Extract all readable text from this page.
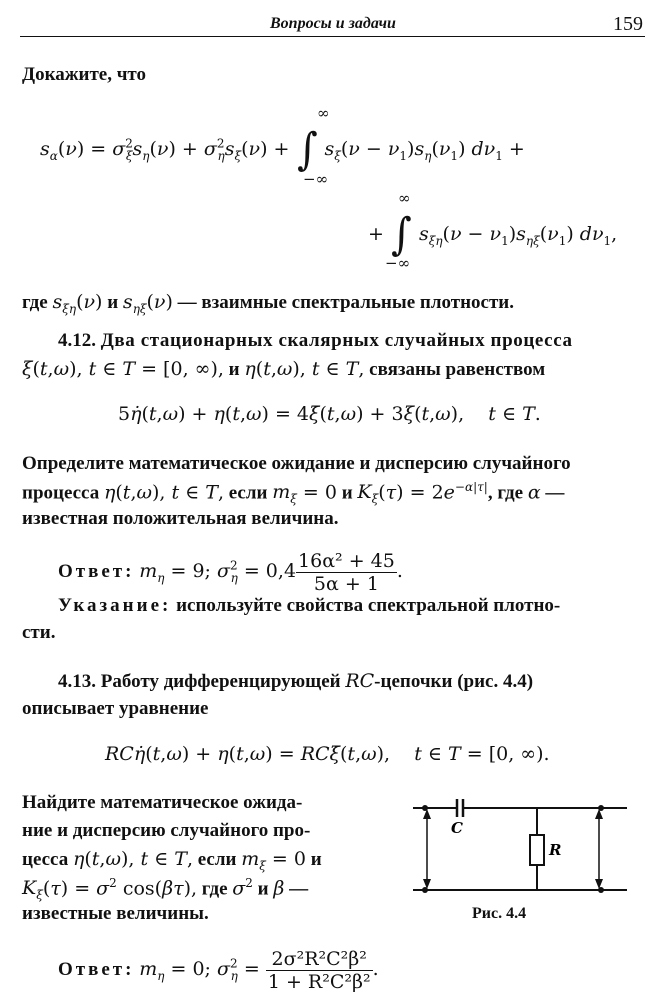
Вопросы и задачи	159
Докажите, что
$s_\alpha(\nu) = \sigma^2_\xi s_\eta(\nu) + \sigma^2_\eta s_\xi(\nu)$ + ∫ $s_\xi(\nu - \nu_1)s_\eta(\nu_1) d\nu_1$ +
∞
−∞
+ ∫ $s_{\xi\eta}(\nu - \nu_1)s_{\eta\xi}(\nu_1)$ $d\nu_1$,
∞
−∞
где $s_{\xi\eta}(\nu)$ и $s_{\eta\xi}(\nu)$ — взаимные спектральные плотности.
4.12. Два стационарных скалярных случайных процесса
ξ(t,ω), t ∈ T = [0, ∞), и η(t,ω), t ∈ T, связаны равенством
5η̇(t,ω) + η(t,ω) = 4ξ̇(t,ω) + 3ξ(t,ω),    t ∈ T.
Определите математическое ожидание и дисперсию случайного
процесса η(t,ω), t ∈ T, если $m_\xi = 0$ и $K_\xi(\tau) = 2e^{-\alpha|\tau|}$, где α —
известная положительная величина.
Ответ: $m_\eta = 9$; $\sigma^2_\eta = 0,4 \frac{\text{16α² + 45}}{5\alpha + 1}$ .
Указание: используйте свойства спектральной плотно-
сти.
4.13. Работу дифференцирующей RC-цепочки (рис. 4.4)
описывает уравнение
RCη̇(t,ω) + η(t,ω) = RCξ̇(t,ω),    t ∈ T = [0, ∞).
Найдите математическое ожида-
ние и дисперсию случайного про-
цесса η(t,ω), t ∈ T, если $m_\xi = 0$ и
$K_\xi(\tau) = \sigma^2$ cos(βτ), где $\sigma^2$ и β —
известные величины.
C
R
Рис. 4.4
Ответ: $m_\eta = 0$; $\sigma^2_\eta = \frac{\text{2σ²R²C²β²}}{\text{1 + R²C²β²}}$ .
